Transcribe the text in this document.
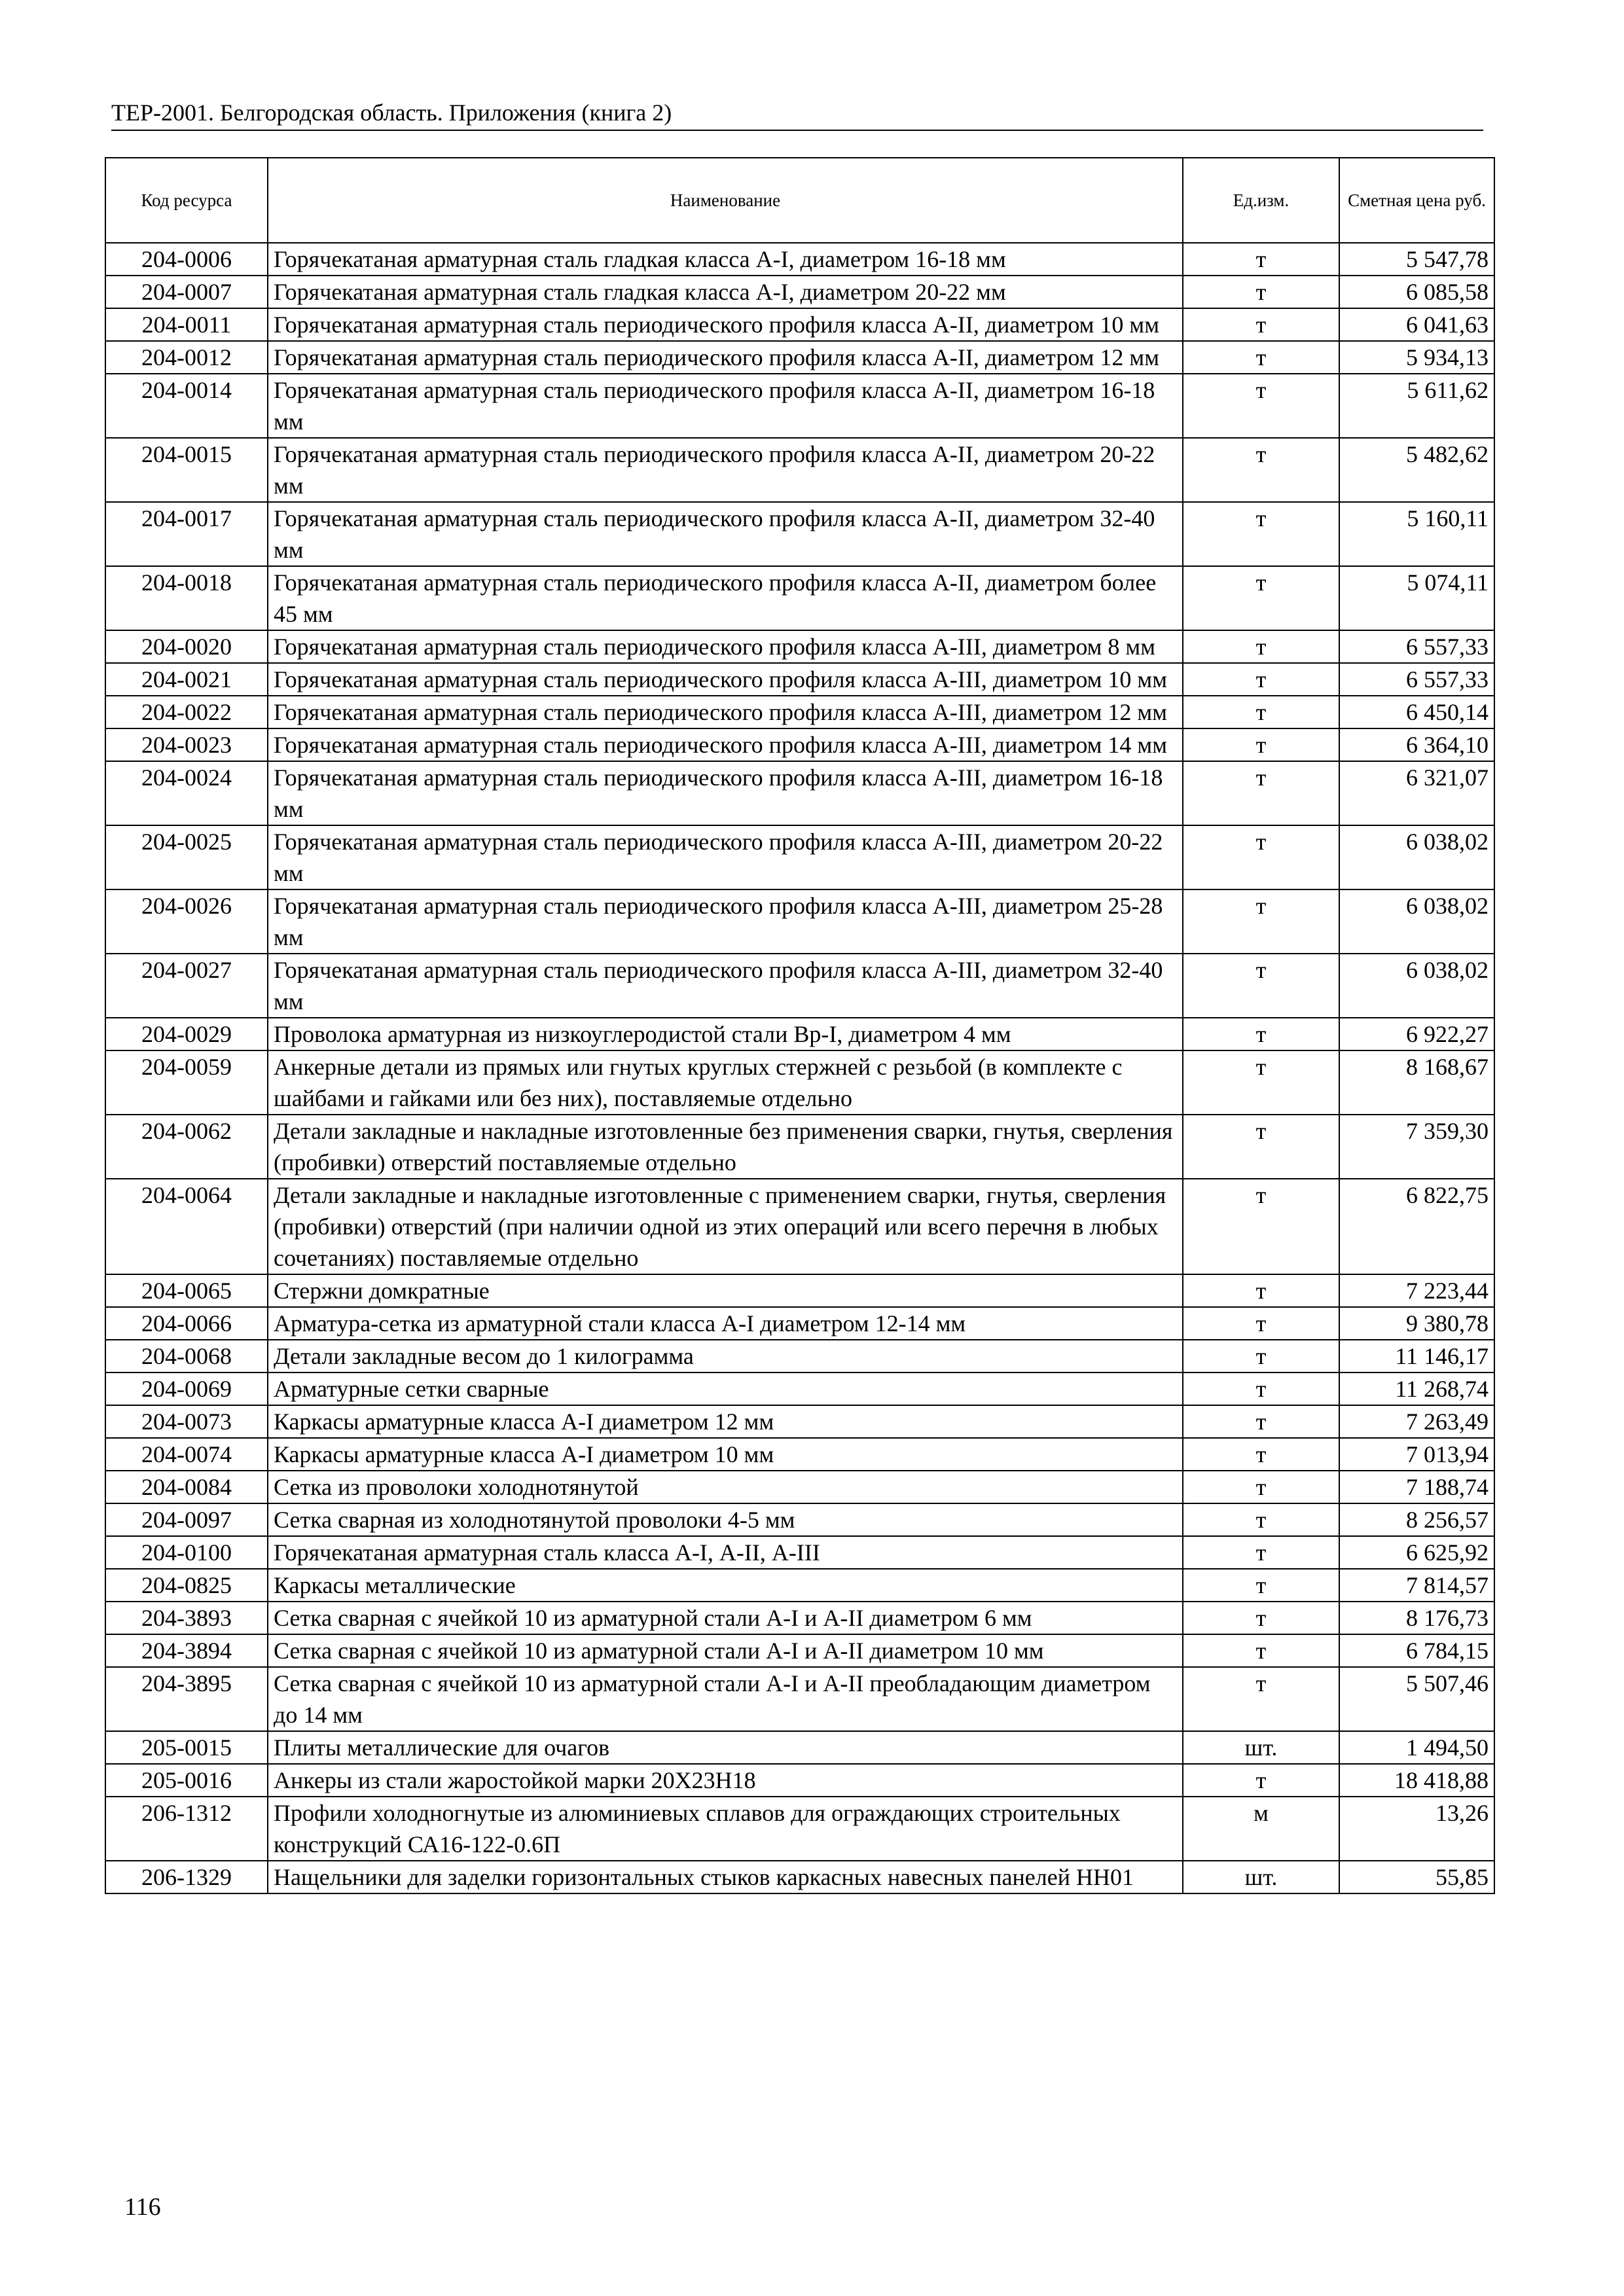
ТЕР-2001. Белгородская область. Приложения (книга 2)
Код ресурса	Наименование	Ед.изм.	Сметная цена руб.
204-0006	Горячекатаная арматурная сталь гладкая класса А-I, диаметром 16-18 мм	т	5 547,78
204-0007	Горячекатаная арматурная сталь гладкая класса А-I, диаметром 20-22 мм	т	6 085,58
204-0011	Горячекатаная арматурная сталь периодического профиля класса А-II, диаметром 10 мм	т	6 041,63
204-0012	Горячекатаная арматурная сталь периодического профиля класса А-II, диаметром 12 мм	т	5 934,13
204-0014	Горячекатаная арматурная сталь периодического профиля класса А-II, диаметром 16-18 мм	т	5 611,62
204-0015	Горячекатаная арматурная сталь периодического профиля класса А-II, диаметром 20-22 мм	т	5 482,62
204-0017	Горячекатаная арматурная сталь периодического профиля класса А-II, диаметром 32-40 мм	т	5 160,11
204-0018	Горячекатаная арматурная сталь периодического профиля класса А-II, диаметром более 45 мм	т	5 074,11
204-0020	Горячекатаная арматурная сталь периодического профиля класса А-III, диаметром 8 мм	т	6 557,33
204-0021	Горячекатаная арматурная сталь периодического профиля класса А-III, диаметром 10 мм	т	6 557,33
204-0022	Горячекатаная арматурная сталь периодического профиля класса А-III, диаметром 12 мм	т	6 450,14
204-0023	Горячекатаная арматурная сталь периодического профиля класса А-III, диаметром 14 мм	т	6 364,10
204-0024	Горячекатаная арматурная сталь периодического профиля класса А-III, диаметром 16-18 мм	т	6 321,07
204-0025	Горячекатаная арматурная сталь периодического профиля класса А-III, диаметром 20-22 мм	т	6 038,02
204-0026	Горячекатаная арматурная сталь периодического профиля класса А-III, диаметром 25-28 мм	т	6 038,02
204-0027	Горячекатаная арматурная сталь периодического профиля класса А-III, диаметром 32-40 мм	т	6 038,02
204-0029	Проволока арматурная из низкоуглеродистой стали Вр-I, диаметром 4 мм	т	6 922,27
204-0059	Анкерные детали из прямых или гнутых круглых стержней с резьбой (в комплекте с шайбами и гайками или без них), поставляемые отдельно	т	8 168,67
204-0062	Детали закладные и накладные изготовленные без применения сварки, гнутья, сверления (пробивки) отверстий поставляемые отдельно	т	7 359,30
204-0064	Детали закладные и накладные изготовленные с применением сварки, гнутья, сверления (пробивки) отверстий (при наличии одной из этих операций или всего перечня в любых сочетаниях) поставляемые отдельно	т	6 822,75
204-0065	Стержни домкратные	т	7 223,44
204-0066	Арматура-сетка из арматурной стали класса А-I диаметром 12-14 мм	т	9 380,78
204-0068	Детали закладные весом до 1 килограмма	т	11 146,17
204-0069	Арматурные сетки сварные	т	11 268,74
204-0073	Каркасы арматурные класса А-I диаметром 12 мм	т	7 263,49
204-0074	Каркасы арматурные класса А-I диаметром 10 мм	т	7 013,94
204-0084	Сетка из проволоки холоднотянутой	т	7 188,74
204-0097	Сетка сварная из холоднотянутой проволоки 4-5 мм	т	8 256,57
204-0100	Горячекатаная арматурная сталь класса А-I, А-II, А-III	т	6 625,92
204-0825	Каркасы металлические	т	7 814,57
204-3893	Сетка сварная с ячейкой 10 из арматурной стали А-I и А-II диаметром 6 мм	т	8 176,73
204-3894	Сетка сварная с ячейкой 10 из арматурной стали А-I и А-II диаметром 10 мм	т	6 784,15
204-3895	Сетка сварная с ячейкой 10 из арматурной стали А-I и А-II преобладающим диаметром до 14 мм	т	5 507,46
205-0015	Плиты металлические для очагов	шт.	1 494,50
205-0016	Анкеры из стали жаростойкой марки 20Х23Н18	т	18 418,88
206-1312	Профили холодногнутые из алюминиевых сплавов для ограждающих строительных конструкций СА16-122-0.6П	м	13,26
206-1329	Нащельники для заделки горизонтальных стыков каркасных навесных панелей НН01	шт.	55,85
116
